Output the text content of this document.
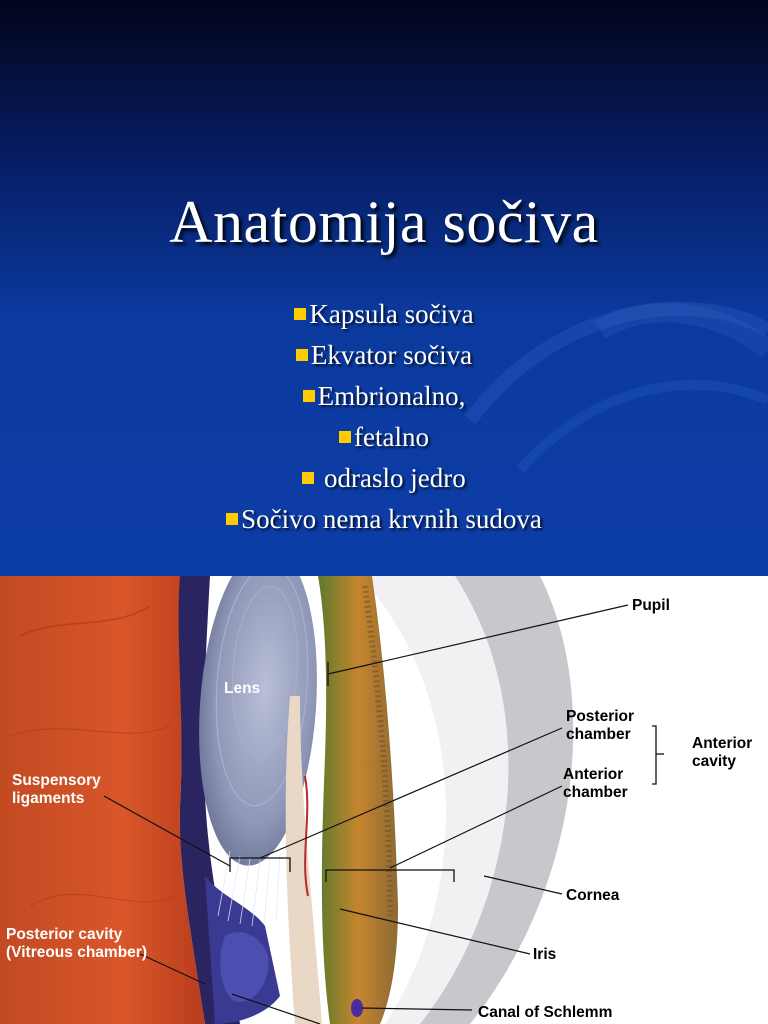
Anatomija sočiva
Kapsula sočiva
Ekvator sočiva
Embrionalno,
fetalno
odraslo jedro
Sočivo nema krvnih sudova
Pupil
Lens
Posterior
chamber
Anterior
cavity
Anterior
chamber
Suspensory
ligaments
Cornea
Posterior cavity
(Vitreous chamber)	Iris
Canal of Schlemm
